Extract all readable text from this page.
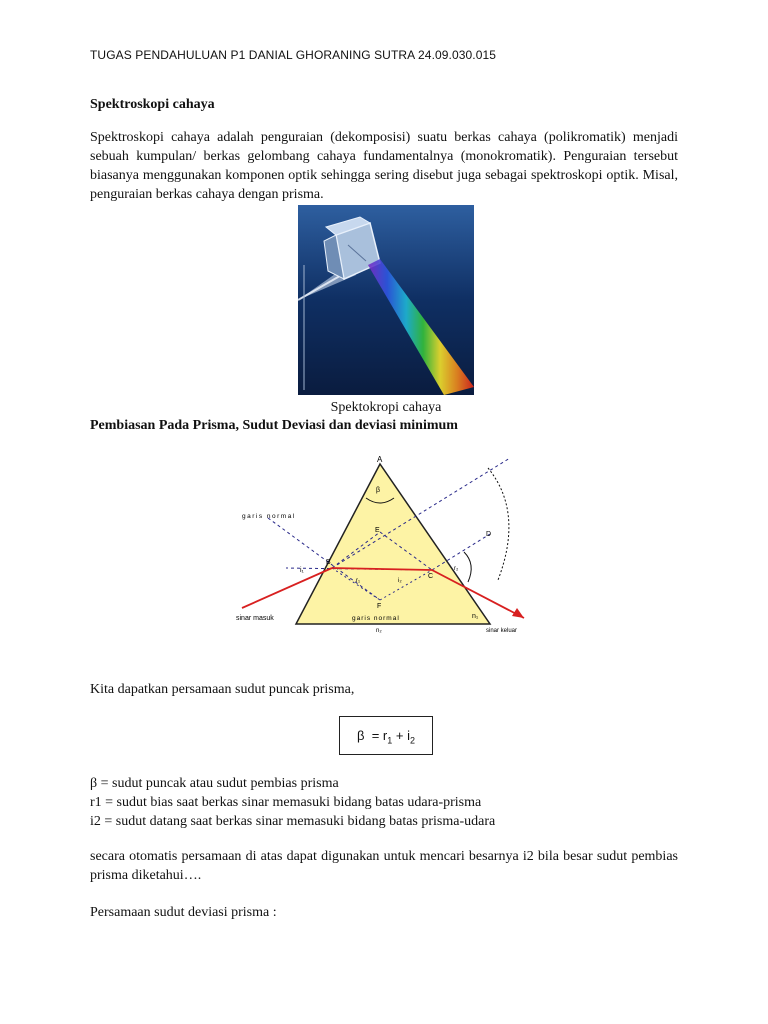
TUGAS PENDAHULUAN P1 DANIAL GHORANING SUTRA 24.09.030.015
Spektroskopi cahaya
Spektroskopi cahaya adalah penguraian (dekomposisi) suatu berkas cahaya (polikromatik) menjadi sebuah kumpulan/ berkas gelombang cahaya fundamentalnya (monokromatik). Penguraian tersebut biasanya menggunakan komponen optik sehingga sering disebut juga sebagai spektroskopi optik. Misal, penguraian berkas cahaya dengan prisma.
Spektokropi cahaya
Pembiasan Pada Prisma, Sudut Deviasi dan deviasi minimum
A
β
B
C
E
F
D
i₁
r₁	i₂
r₂
n₁
n₂
garis normal
garis normal
sinar masuk
sinar keluar
Kita dapatkan persamaan sudut puncak prisma,
$\beta = r_1 + i_2$
β = sudut puncak atau sudut pembias prisma
r1 = sudut bias saat berkas sinar memasuki bidang batas udara-prisma
i2 = sudut datang saat berkas sinar memasuki bidang batas prisma-udara
secara otomatis persamaan di atas dapat digunakan untuk mencari besarnya i2 bila besar sudut pembias prisma diketahui….
Persamaan sudut deviasi prisma :
